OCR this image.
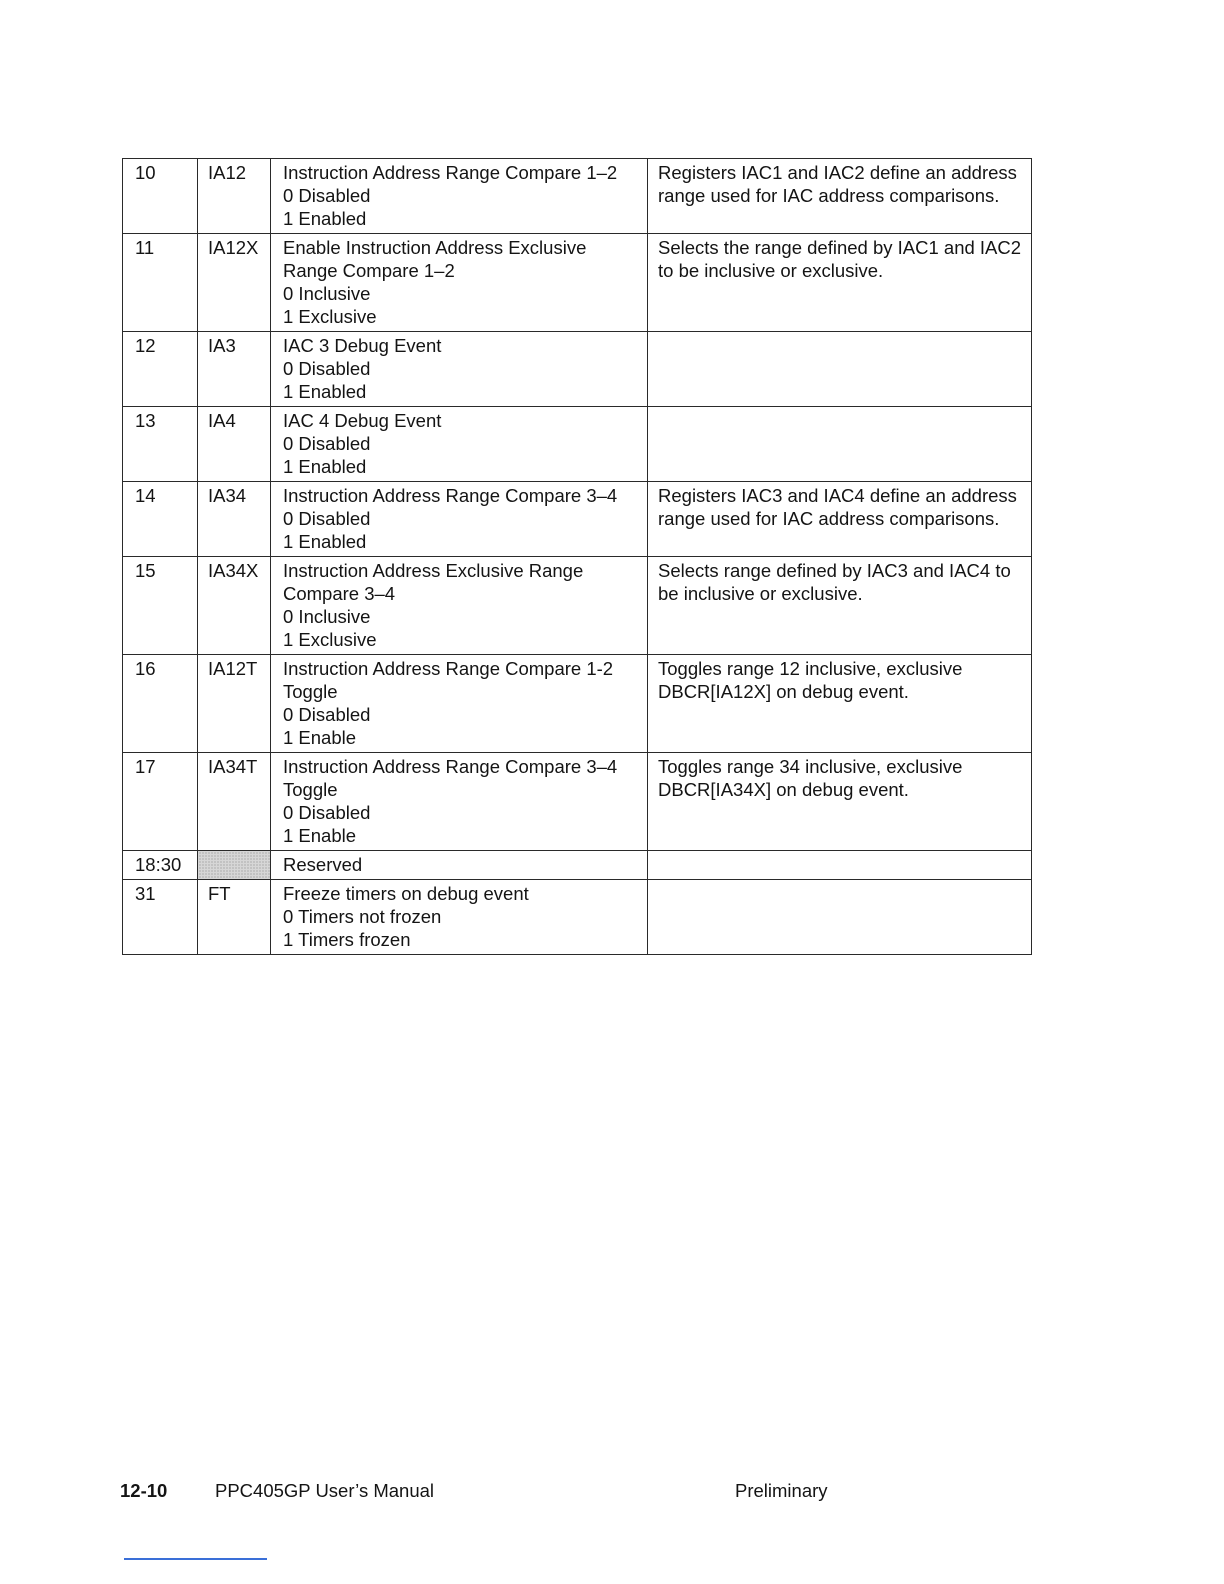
10	IA12	Instruction Address Range Compare 1–2
0 Disabled
1 Enabled	Registers IAC1 and IAC2 define an address range used for IAC address comparisons.
11	IA12X	Enable Instruction Address Exclusive
Range Compare 1–2
0 Inclusive
1 Exclusive	Selects the range defined by IAC1 and IAC2 to be inclusive or exclusive.
12	IA3	IAC 3 Debug Event
0 Disabled
1 Enabled	

13	IA4	IAC 4 Debug Event
0 Disabled
1 Enabled	

14	IA34	Instruction Address Range Compare 3–4
0 Disabled
1 Enabled	Registers IAC3 and IAC4 define an address range used for IAC address comparisons.
15	IA34X	Instruction Address Exclusive Range
Compare 3–4
0 Inclusive
1 Exclusive	Selects range defined by IAC3 and IAC4 to be inclusive or exclusive.
16	IA12T	Instruction Address Range Compare 1-2
Toggle
0 Disabled
1 Enable	Toggles range 12 inclusive, exclusive DBCR[IA12X] on debug event.
17	IA34T	Instruction Address Range Compare 3–4
Toggle
0 Disabled
1 Enable	Toggles range 34 inclusive, exclusive DBCR[IA34X] on debug event.
18:30		Reserved	

31	FT	Freeze timers on debug event
0 Timers not frozen
1 Timers frozen	

12-10	PPC405GP User’s Manual	Preliminary
